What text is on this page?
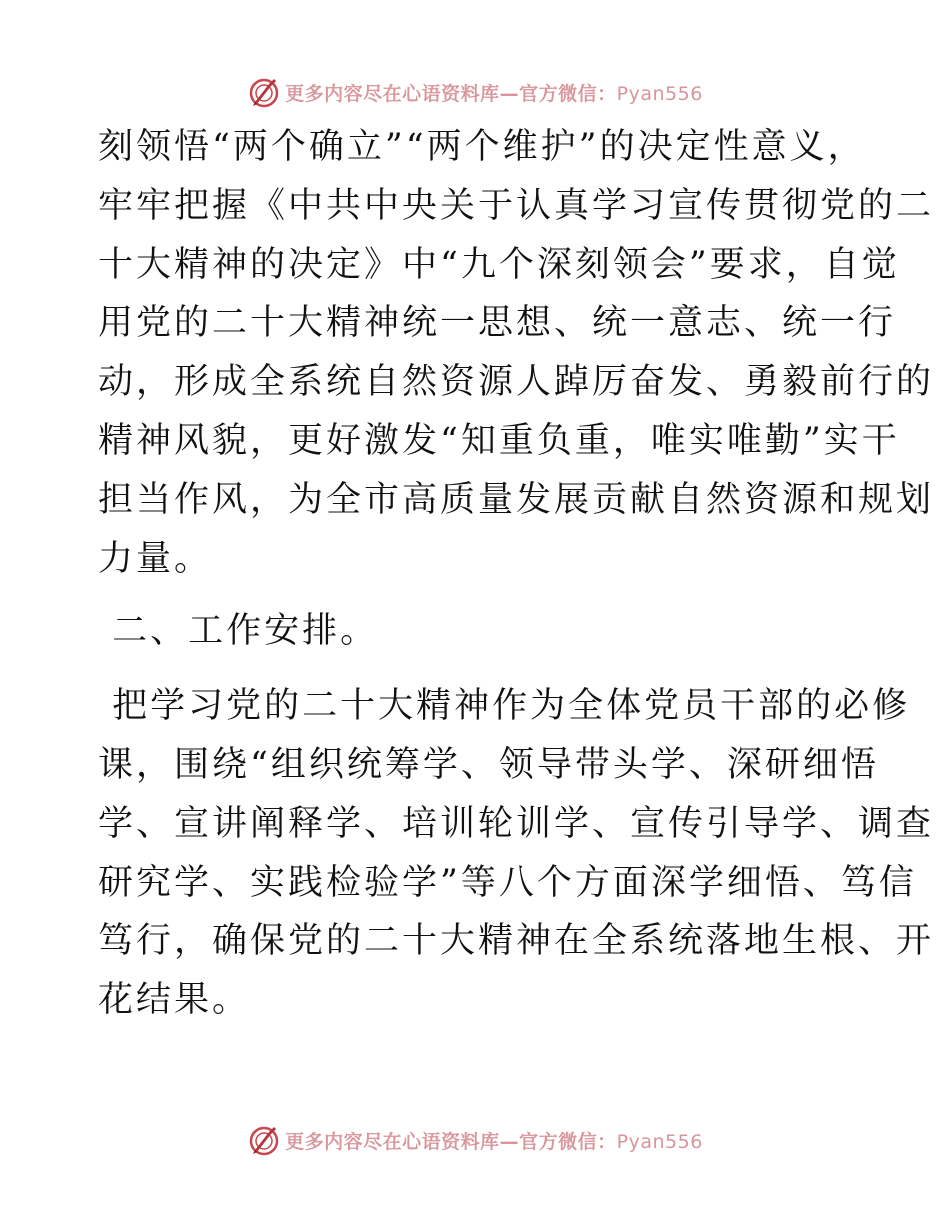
更多内容尽在心语资料库—官方微信：Pyan556

刻领悟“两个确立”“两个维护”的决定性意义，
牢牢把握《中共中央关于认真学习宣传贯彻党的二
十大精神的决定》中“九个深刻领会”要求，自觉
用党的二十大精神统一思想、统一意志、统一行
动，形成全系统自然资源人踔厉奋发、勇毅前行的
精神风貌，更好激发“知重负重，唯实唯勤”实干
担当作风，为全市高质量发展贡献自然资源和规划
力量。

二、工作安排。

把学习党的二十大精神作为全体党员干部的必修
课，围绕“组织统筹学、领导带头学、深研细悟
学、宣讲阐释学、培训轮训学、宣传引导学、调查
研究学、实践检验学”等八个方面深学细悟、笃信
笃行，确保党的二十大精神在全系统落地生根、开
花结果。

更多内容尽在心语资料库—官方微信：Pyan556
